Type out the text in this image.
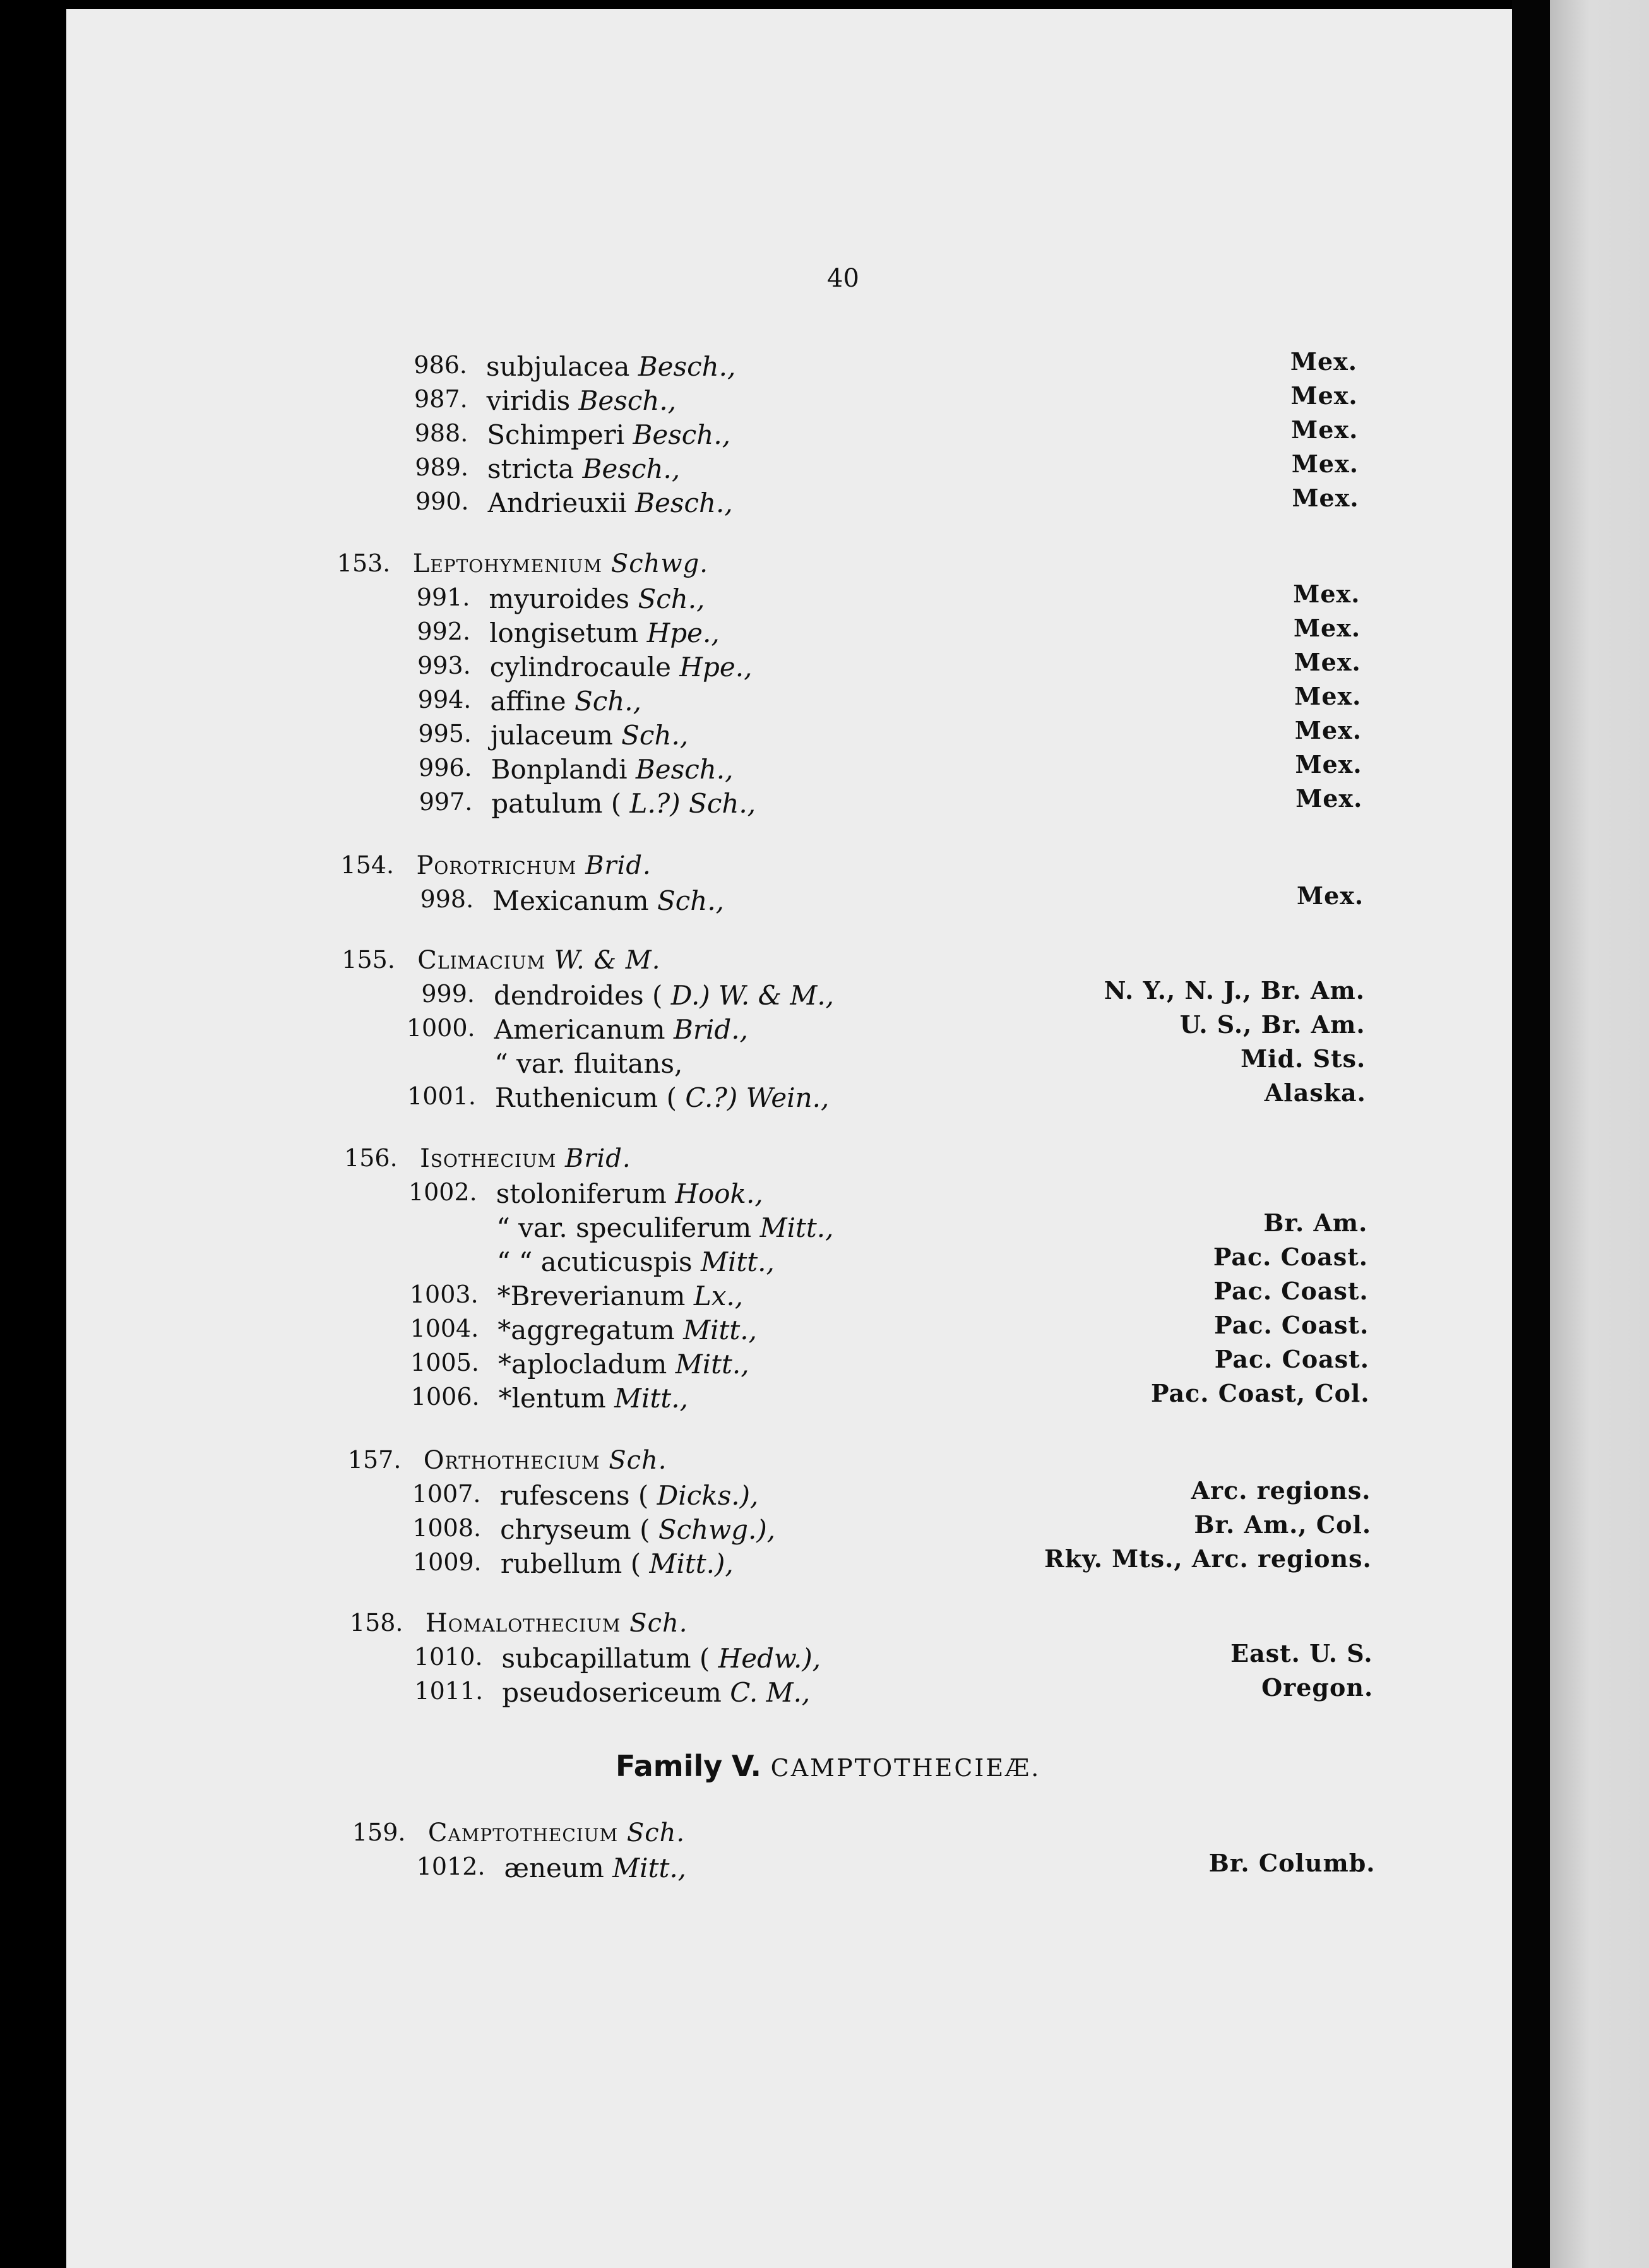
40
986. subjulacea Besch.,	Mex.
987. viridis Besch.,	Mex.
988. Schimperi Besch.,	Mex.
989. stricta Besch.,	Mex.
990. Andrieuxii Besch.,	Mex.
153. Leptohymenium Schwg.
991. myuroides Sch.,	Mex.
992. longisetum Hpe.,	Mex.
993. cylindrocaule Hpe.,	Mex.
994. affine Sch.,	Mex.
995. julaceum Sch.,	Mex.
996. Bonplandi Besch.,	Mex.
997. patulum ( L.?) Sch.,	Mex.
154. Porotrichum Brid.
998. Mexicanum Sch.,	Mex.
155. Climacium W. & M.
999. dendroides ( D.) W. & M.,	N. Y., N. J., Br. Am.
1000. Americanum Brid.,	U. S., Br. Am.
“ var. fluitans,	Mid. Sts.
1001. Ruthenicum ( C.?) Wein.,	Alaska.
156. Isothecium Brid.
1002. stoloniferum Hook.,
“ var. speculiferum Mitt.,	Br. Am.
“ “ acuticuspis Mitt.,	Pac. Coast.
1003. *Breverianum Lx.,	Pac. Coast.
1004. *aggregatum Mitt.,	Pac. Coast.
1005. *aplocladum Mitt.,	Pac. Coast.
1006. *lentum Mitt.,	Pac. Coast, Col.
157. Orthothecium Sch.
1007. rufescens ( Dicks.),	Arc. regions.
1008. chryseum ( Schwg.),	Br. Am., Col.
1009. rubellum ( Mitt.),	Rky. Mts., Arc. regions.
158. Homalothecium Sch.
1010. subcapillatum ( Hedw.),	East. U. S.
1011. pseudosericeum C. M.,	Oregon.
159. Camptothecium Sch.
1012. æneum Mitt.,	Br. Columb.
Family V. CAMPTOTHECIEÆ.
